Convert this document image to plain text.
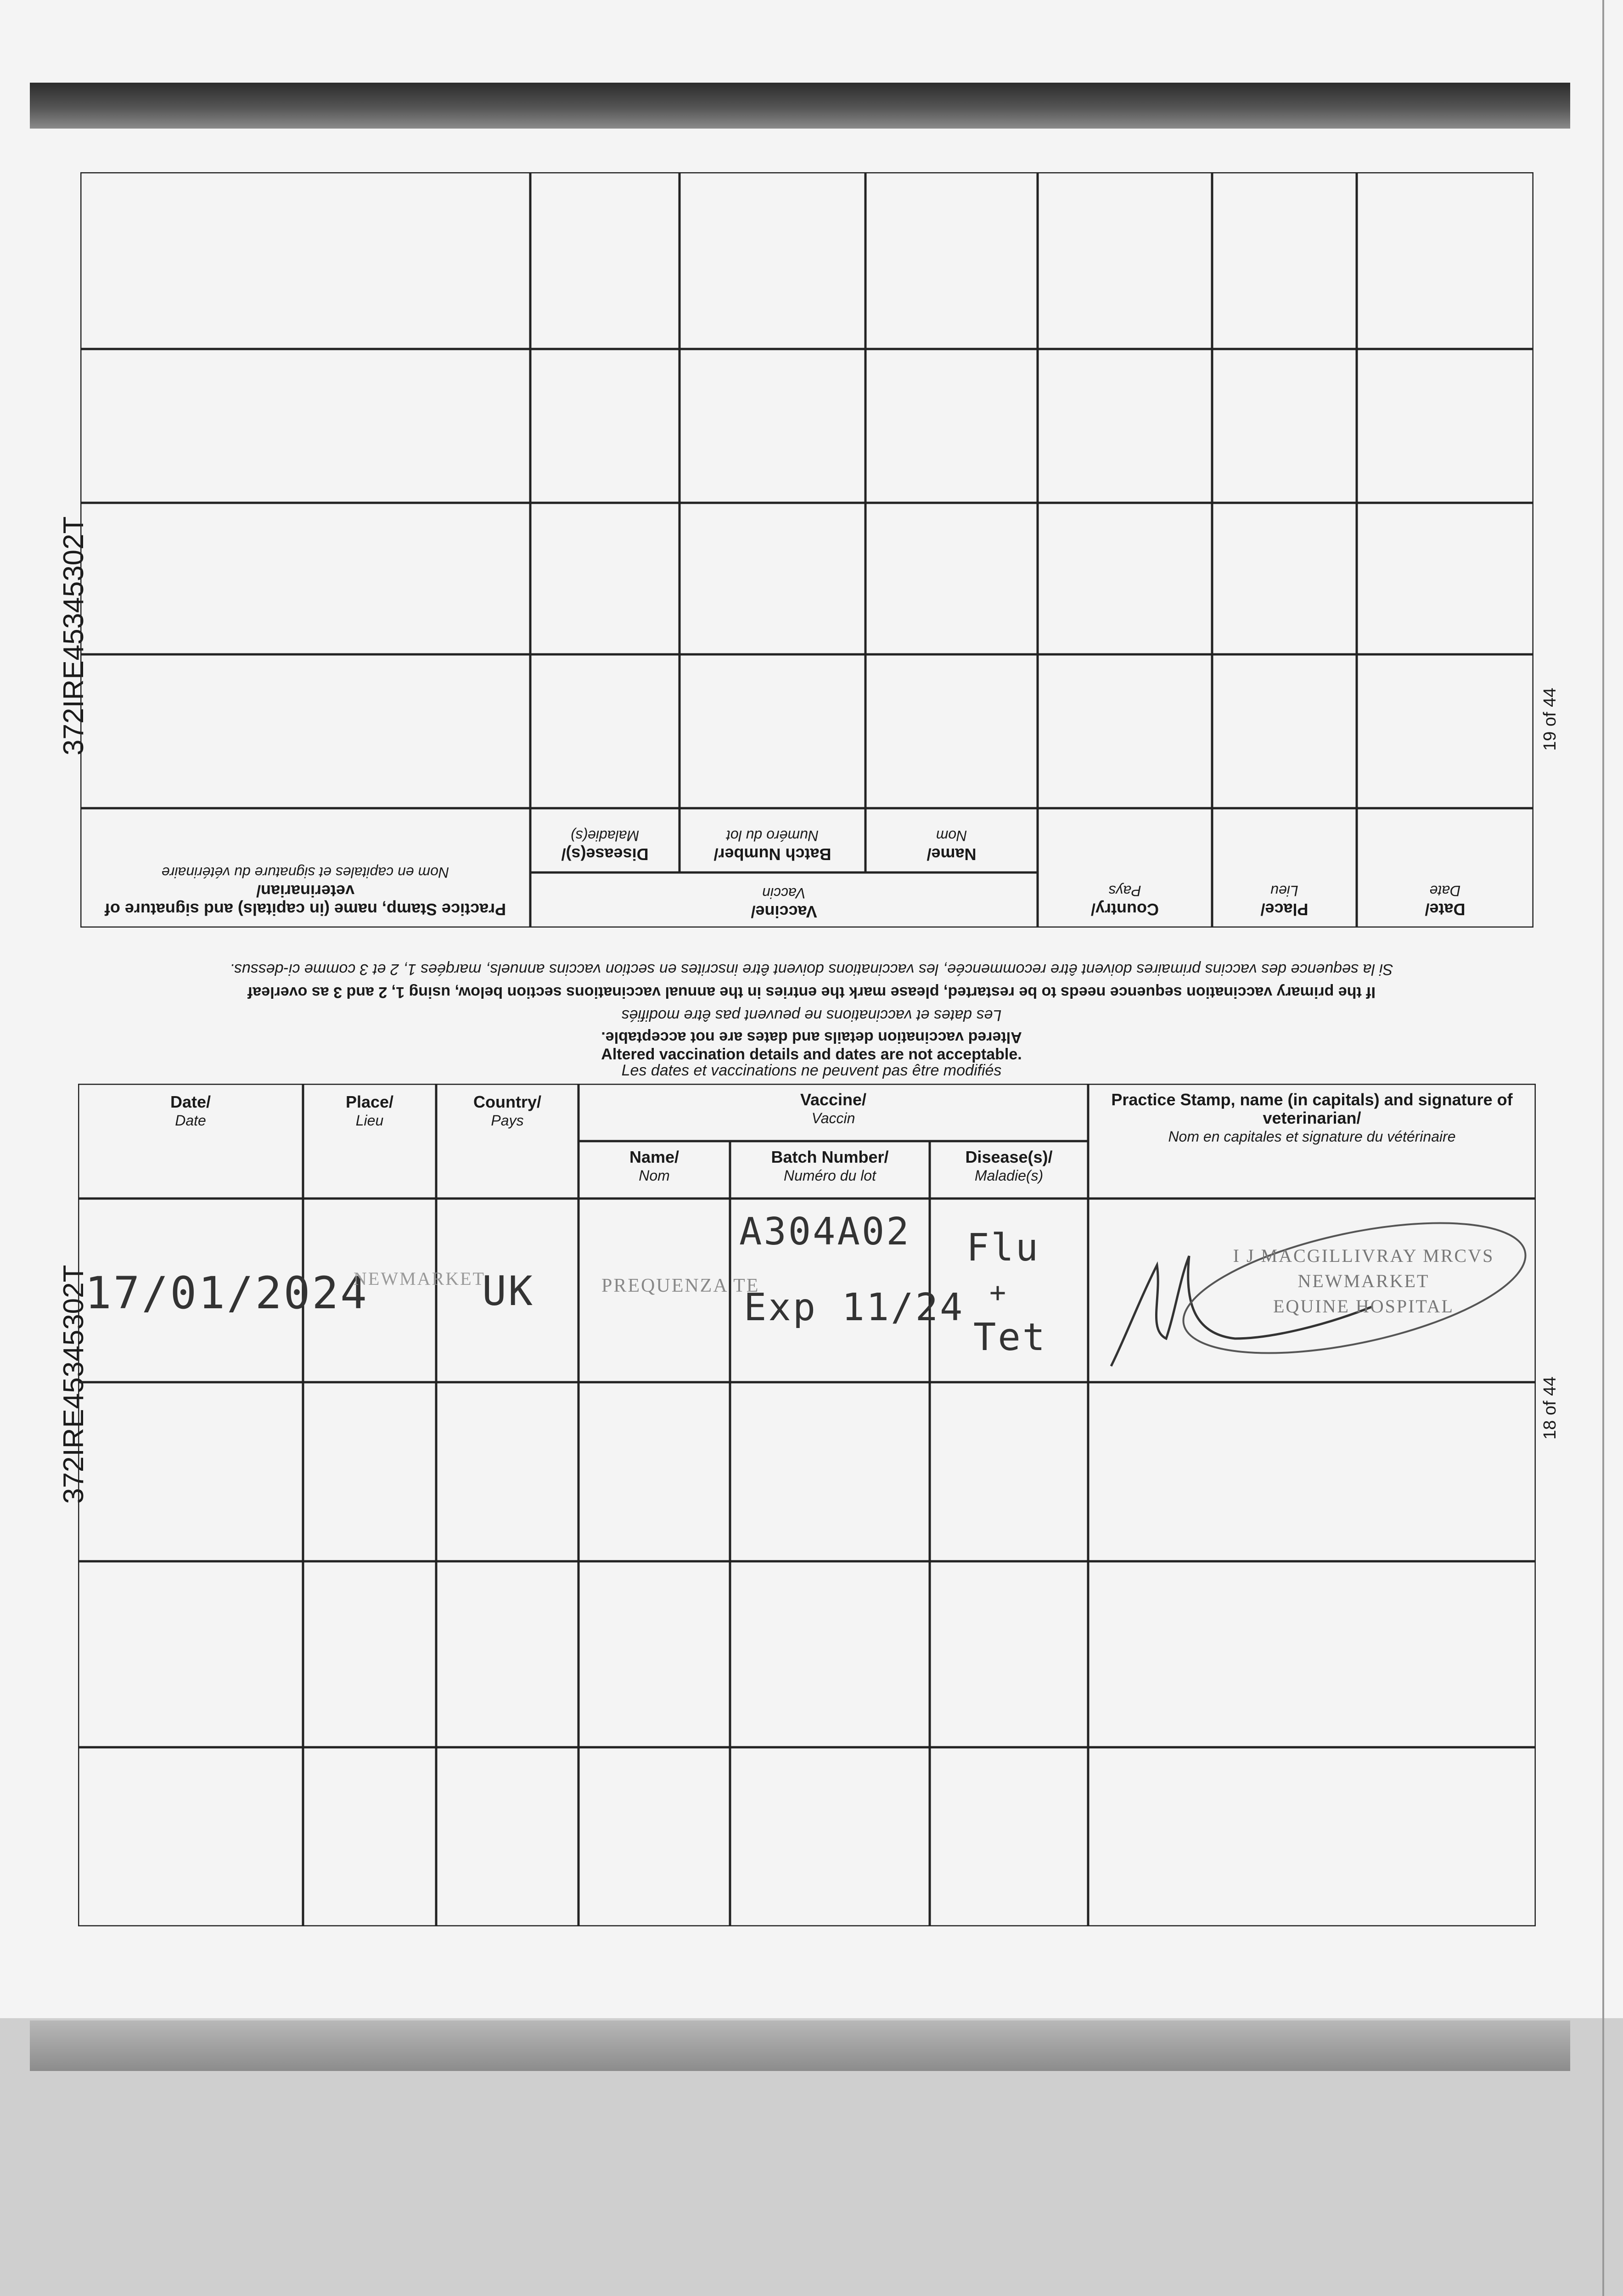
372IRE45345302T
372IRE45345302T
19 of 44
18 of 44
Date/
Date
Place/
Lieu
Country/
Pays
Vaccine/
Vaccin
Name/
Nom
Batch Number/
Numéro du lot
Disease(s)/
Maladie(s)
Practice Stamp, name (in capitals) and signature of veterinarian/
Nom en capitales et signature du vétérinaire
Si la sequence des vaccins primaires doivent être recommencée, les vaccinations doivent être inscrites en section vaccins annuels, marqées 1, 2 et 3 comme ci-dessus.
If the primary vaccination sequence needs to be restarted, please mark the entries in the annual vaccinations section below, using 1, 2 and 3 as overleaf
Les dates et vaccinations ne peuvent pas être modifiés
Altered vaccination details and dates are not acceptable.
Altered vaccination details and dates are not acceptable.
Les dates et vaccinations ne peuvent pas être modifiés
Date/
Date
Place/
Lieu
Country/
Pays
Vaccine/
Vaccin
Name/
Nom
Batch Number/
Numéro du lot
Disease(s)/
Maladie(s)
Practice Stamp, name (in capitals) and signature of veterinarian/
Nom en capitales et signature du vétérinaire
17/01/2024
NEWMARKET
UK	PREQUENZA TE
A304A02
Exp 11/24
Flu
+
Tet
I J MACGILLIVRAY MRCVS
NEWMARKET
EQUINE HOSPITAL
